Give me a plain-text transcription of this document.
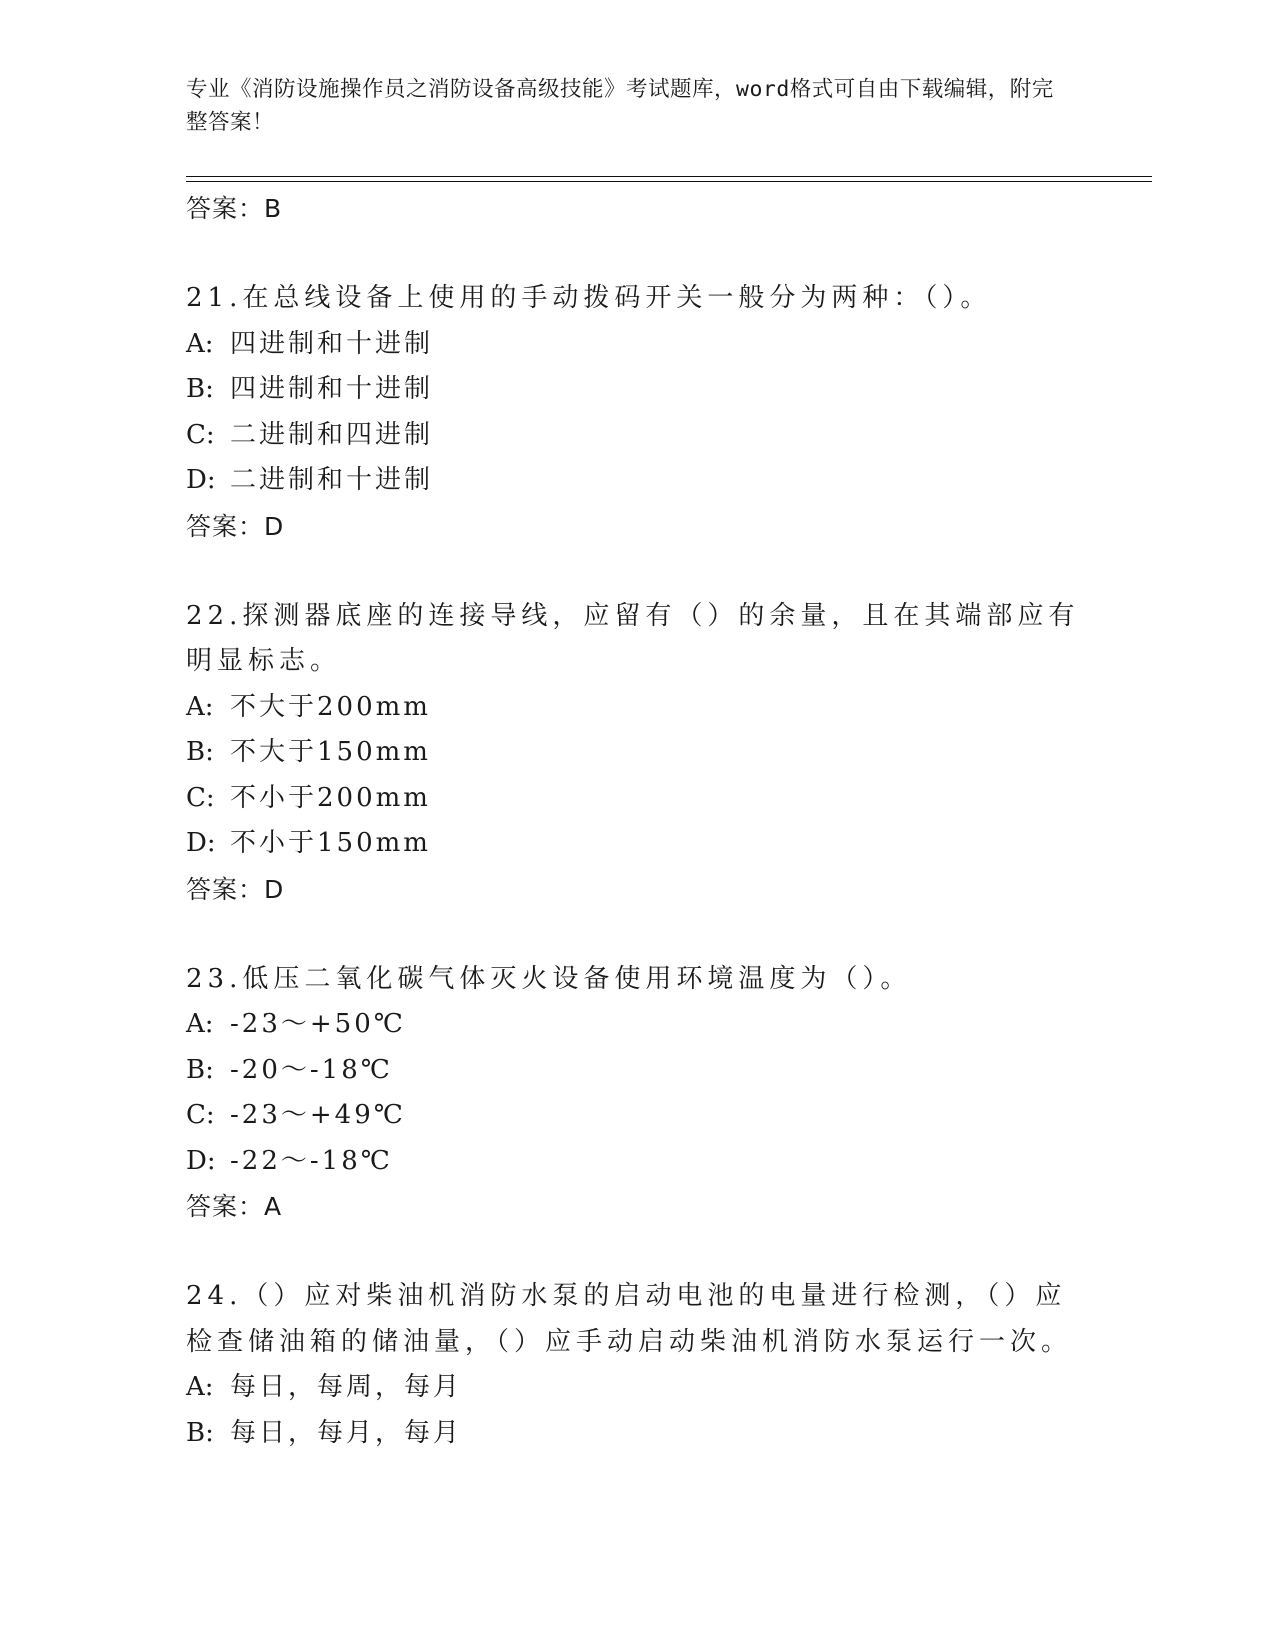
专业《消防设施操作员之消防设备高级技能》考试题库，word格式可自由下载编辑，附完整答案！
答案：B
21.在总线设备上使用的手动拨码开关一般分为两种：（）。
A: 四进制和十进制
B: 四进制和十进制
C: 二进制和四进制
D: 二进制和十进制
答案：D
22.探测器底座的连接导线，应留有（）的余量，且在其端部应有明显标志。
A: 不大于200mm
B: 不大于150mm
C: 不小于200mm
D: 不小于150mm
答案：D
23.低压二氧化碳气体灭火设备使用环境温度为（）。
A: -23～+50℃
B: -20～-18℃
C: -23～+49℃
D: -22～-18℃
答案：A
24.（）应对柴油机消防水泵的启动电池的电量进行检测，（）应检查储油箱的储油量，（）应手动启动柴油机消防水泵运行一次。
A: 每日，每周，每月
B: 每日，每月，每月
